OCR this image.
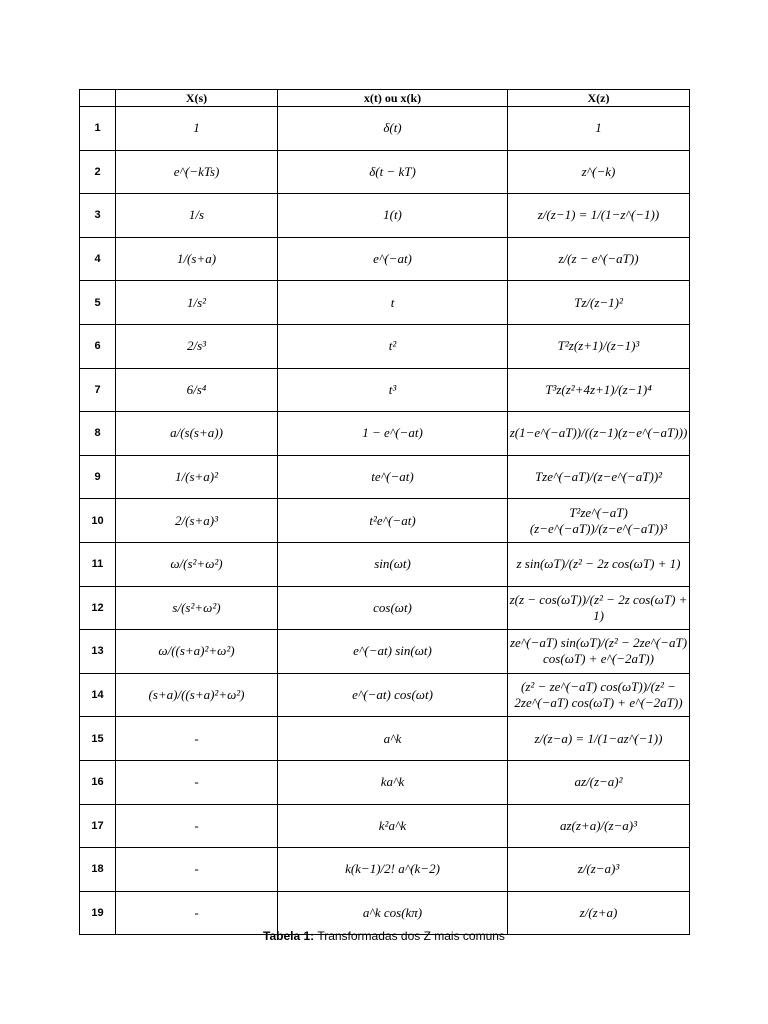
	X(s)	x(t) ou x(k)	X(z)
1	1	δ(t)	1
2	e^(−kTs)	δ(t − kT)	z^(−k)
3	1/s	1(t)	z/(z−1) = 1/(1−z^(−1))
4	1/(s+a)	e^(−at)	z/(z − e^(−aT))
5	1/s²	t	Tz/(z−1)²
6	2/s³	t²	T²z(z+1)/(z−1)³
7	6/s⁴	t³	T³z(z²+4z+1)/(z−1)⁴
8	a/(s(s+a))	1 − e^(−at)	z(1−e^(−aT))/((z−1)(z−e^(−aT)))
9	1/(s+a)²	te^(−at)	Tze^(−aT)/(z−e^(−aT))²
10	2/(s+a)³	t²e^(−at)	T²ze^(−aT)(z−e^(−aT))/(z−e^(−aT))³
11	ω/(s²+ω²)	sin(ωt)	z sin(ωT)/(z² − 2z cos(ωT) + 1)
12	s/(s²+ω²)	cos(ωt)	z(z − cos(ωT))/(z² − 2z cos(ωT) + 1)
13	ω/((s+a)²+ω²)	e^(−at) sin(ωt)	ze^(−aT) sin(ωT)/(z² − 2ze^(−aT) cos(ωT) + e^(−2aT))
14	(s+a)/((s+a)²+ω²)	e^(−at) cos(ωt)	(z² − ze^(−aT) cos(ωT))/(z² − 2ze^(−aT) cos(ωT) + e^(−2aT))
15	-	a^k	z/(z−a) = 1/(1−az^(−1))
16	-	ka^k	az/(z−a)²
17	-	k²a^k	az(z+a)/(z−a)³
18	-	k(k−1)/2! a^(k−2)	z/(z−a)³
19	-	a^k cos(kπ)	z/(z+a)
Tabela 1: Transformadas dos Z mais comuns
